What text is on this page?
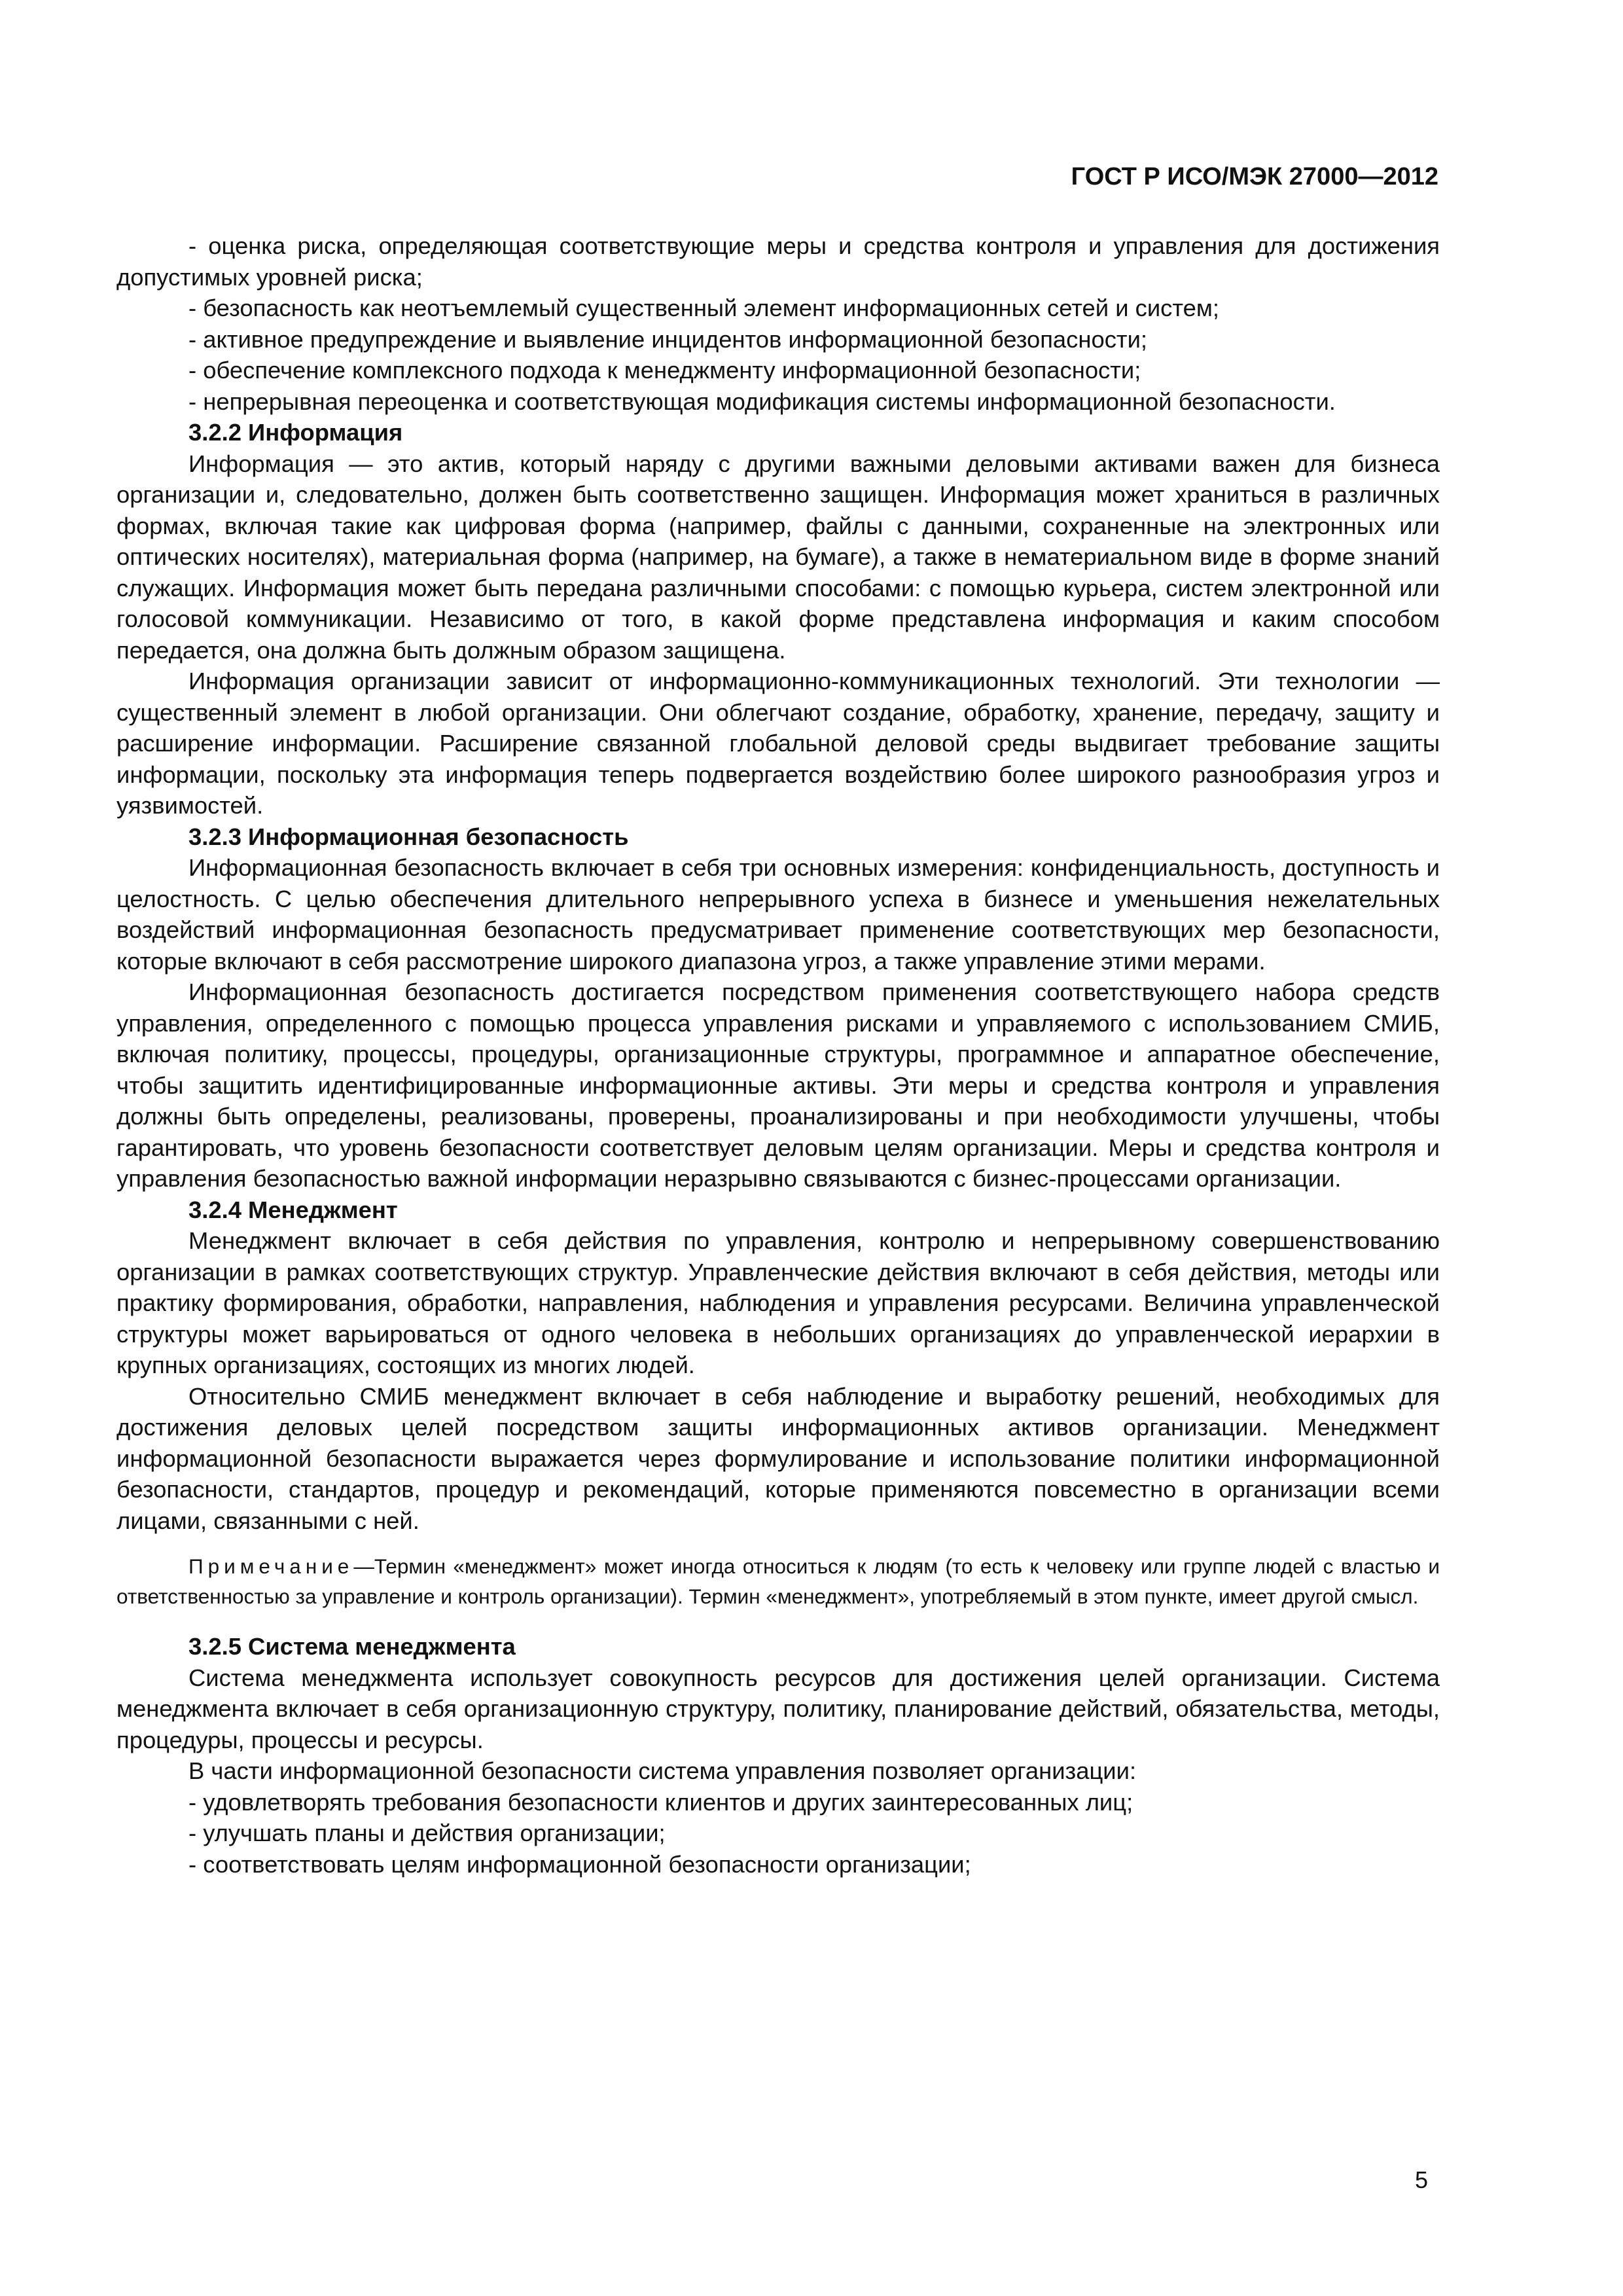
ГОСТ Р ИСО/МЭК 27000—2012

- оценка риска, определяющая соответствующие меры и средства контроля и управления для достижения допустимых уровней риска;

- безопасность как неотъемлемый существенный элемент информационных сетей и систем;

- активное предупреждение и выявление инцидентов информационной безопасности;

- обеспечение комплексного подхода к менеджменту информационной безопасности;

- непрерывная переоценка и соответствующая модификация системы информационной безопасности.

3.2.2 Информация

Информация — это актив, который наряду с другими важными деловыми активами важен для бизнеса организации и, следовательно, должен быть соответственно защищен. Информация может храниться в различных формах, включая такие как цифровая форма (например, файлы с данными, сохраненные на электронных или оптических носителях), материальная форма (например, на бумаге), а также в нематериальном виде в форме знаний служащих. Информация может быть передана различными способами: с помощью курьера, систем электронной или голосовой коммуникации. Независимо от того, в какой форме представлена информация и каким способом передается, она должна быть должным образом защищена.

Информация организации зависит от информационно-коммуникационных технологий. Эти технологии — существенный элемент в любой организации. Они облегчают создание, обработку, хранение, передачу, защиту и расширение информации. Расширение связанной глобальной деловой среды выдвигает требование защиты информации, поскольку эта информация теперь подвергается воздействию более широкого разнообразия угроз и уязвимостей.

3.2.3 Информационная безопасность

Информационная безопасность включает в себя три основных измерения: конфиденциальность, доступность и целостность. С целью обеспечения длительного непрерывного успеха в бизнесе и уменьшения нежелательных воздействий информационная безопасность предусматривает применение соответствующих мер безопасности, которые включают в себя рассмотрение широкого диапазона угроз, а также управление этими мерами.

Информационная безопасность достигается посредством применения соответствующего набора средств управления, определенного с помощью процесса управления рисками и управляемого с использованием СМИБ, включая политику, процессы, процедуры, организационные структуры, программное и аппаратное обеспечение, чтобы защитить идентифицированные информационные активы. Эти меры и средства контроля и управления должны быть определены, реализованы, проверены, проанализированы и при необходимости улучшены, чтобы гарантировать, что уровень безопасности соответствует деловым целям организации. Меры и средства контроля и управления безопасностью важной информации неразрывно связываются с бизнес-процессами организации.

3.2.4 Менеджмент

Менеджмент включает в себя действия по управления, контролю и непрерывному совершенствованию организации в рамках соответствующих структур. Управленческие действия включают в себя действия, методы или практику формирования, обработки, направления, наблюдения и управления ресурсами. Величина управленческой структуры может варьироваться от одного человека в небольших организациях до управленческой иерархии в крупных организациях, состоящих из многих людей.

Относительно СМИБ менеджмент включает в себя наблюдение и выработку решений, необходимых для достижения деловых целей посредством защиты информационных активов организации. Менеджмент информационной безопасности выражается через формулирование и использование политики информационной безопасности, стандартов, процедур и рекомендаций, которые применяются повсеместно в организации всеми лицами, связанными с ней.

Примечание—Термин «менеджмент» может иногда относиться к людям (то есть к человеку или группе людей с властью и ответственностью за управление и контроль организации). Термин «менеджмент», употребляемый в этом пункте, имеет другой смысл.
3.2.5 Система менеджмента

Система менеджмента использует совокупность ресурсов для достижения целей организации. Система менеджмента включает в себя организационную структуру, политику, планирование действий, обязательства, методы, процедуры, процессы и ресурсы.

В части информационной безопасности система управления позволяет организации:

- удовлетворять требования безопасности клиентов и других заинтересованных лиц;

- улучшать планы и действия организации;

- соответствовать целям информационной безопасности организации;

5
